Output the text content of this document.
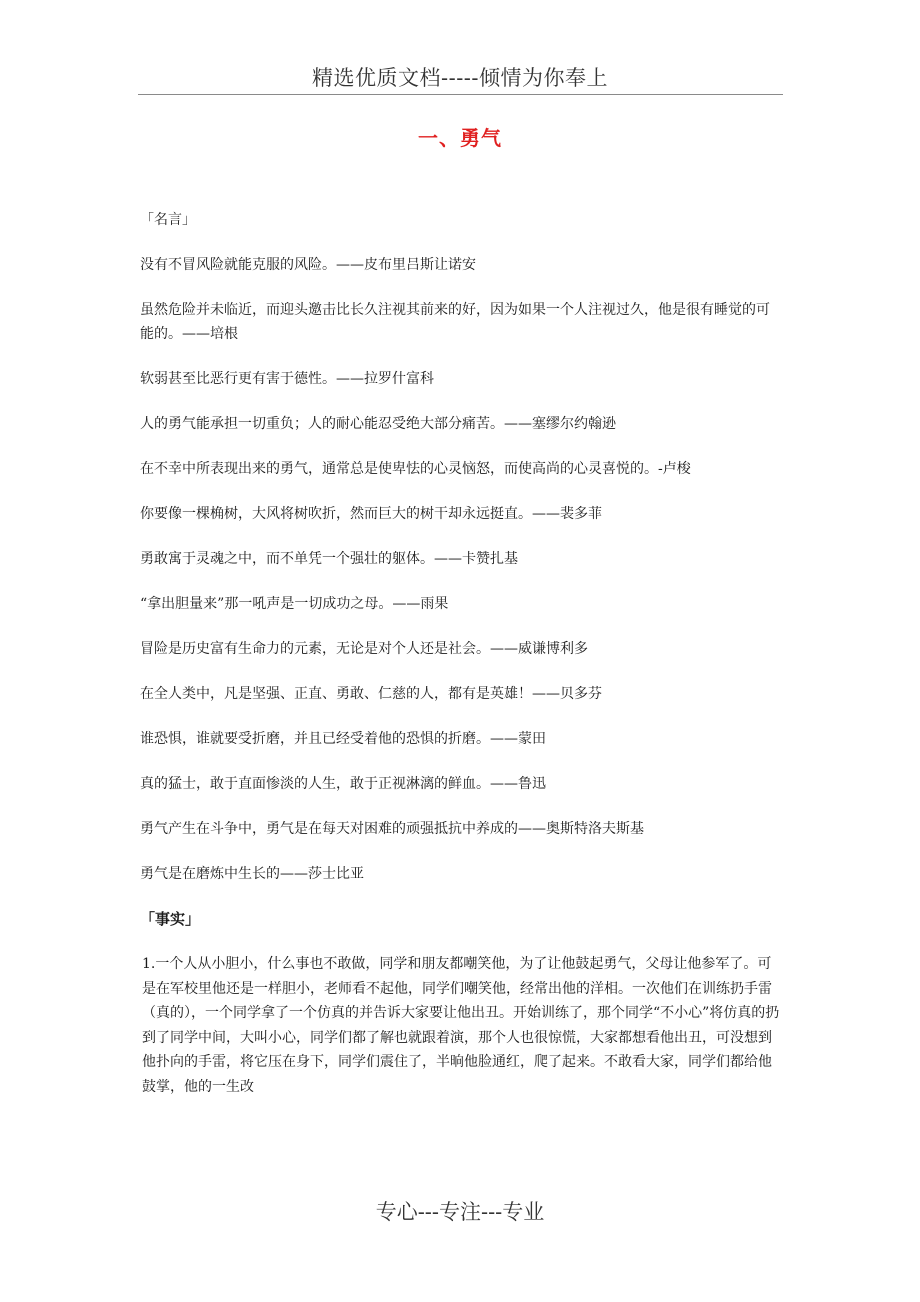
精选优质文档-----倾情为你奉上
一、勇气

「名言」

没有不冒风险就能克服的风险。——皮布里吕斯让诺安

虽然危险并未临近，而迎头邀击比长久注视其前来的好，因为如果一个人注视过久，他是很有睡觉的可能的。——培根

软弱甚至比恶行更有害于德性。——拉罗什富科

人的勇气能承担一切重负；人的耐心能忍受绝大部分痛苦。——塞缪尔约翰逊

在不幸中所表现出来的勇气，通常总是使卑怯的心灵恼怒，而使高尚的心灵喜悦的。-卢梭

你要像一棵桷树，大风将树吹折，然而巨大的树干却永远挺直。——裴多菲

勇敢寓于灵魂之中，而不单凭一个强壮的躯体。——卡赞扎基

“拿出胆量来”那一吼声是一切成功之母。——雨果

冒险是历史富有生命力的元素，无论是对个人还是社会。——威谦博利多

在全人类中，凡是坚强、正直、勇敢、仁慈的人，都有是英雄！——贝多芬

谁恐惧，谁就要受折磨，并且已经受着他的恐惧的折磨。——蒙田

真的猛士，敢于直面惨淡的人生，敢于正视淋漓的鲜血。——鲁迅

勇气产生在斗争中，勇气是在每天对困难的顽强抵抗中养成的——奥斯特洛夫斯基

勇气是在磨炼中生长的——莎士比亚

「事实」

1.一个人从小胆小，什么事也不敢做，同学和朋友都嘲笑他，为了让他鼓起勇气，父母让他参军了。可是在军校里他还是一样胆小，老师看不起他，同学们嘲笑他，经常出他的洋相。一次他们在训练扔手雷（真的），一个同学拿了一个仿真的并告诉大家要让他出丑。开始训练了，那个同学“不小心”将仿真的扔到了同学中间，大叫小心，同学们都了解也就跟着演，那个人也很惊慌，大家都想看他出丑，可没想到他扑向的手雷，将它压在身下，同学们震住了，半晌他脸通红，爬了起来。不敢看大家，同学们都给他鼓掌，他的一生改

专心---专注---专业
